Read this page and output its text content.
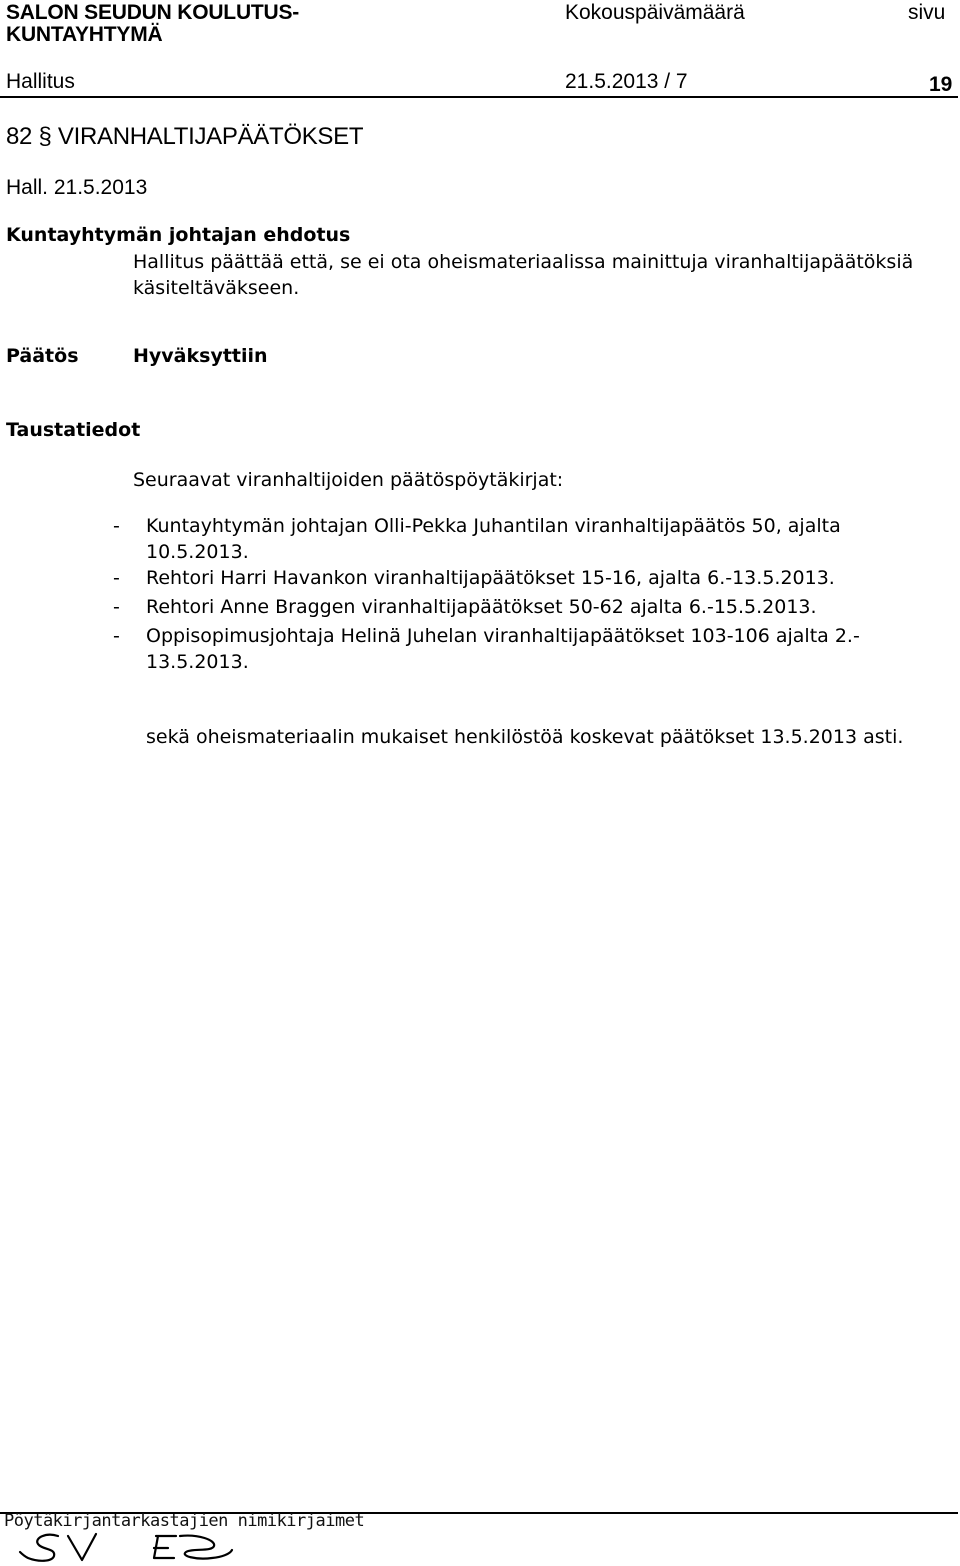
SALON SEUDUN KOULUTUS-
KUNTAYHTYMÄ
Kokouspäivämäärä	sivu
Hallitus	21.5.2013 / 7	19
82 § VIRANHALTIJAPÄÄTÖKSET
Hall. 21.5.2013
Kuntayhtymän johtajan ehdotus
Hallitus päättää että, se ei ota oheismateriaalissa mainittuja viranhaltijapäätöksiä
käsiteltäväkseen.
Päätös	Hyväksyttiin
Taustatiedot
Seuraavat viranhaltijoiden päätöspöytäkirjat:
- Kuntayhtymän johtajan Olli-Pekka Juhantilan viranhaltijapäätös 50, ajalta
10.5.2013.
- Rehtori Harri Havankon viranhaltijapäätökset 15-16, ajalta 6.-13.5.2013.
- Rehtori Anne Braggen viranhaltijapäätökset 50-62 ajalta 6.-15.5.2013.
- Oppisopimusjohtaja Helinä Juhelan viranhaltijapäätökset 103-106 ajalta 2.-
13.5.2013.
sekä oheismateriaalin mukaiset henkilöstöä koskevat päätökset 13.5.2013 asti.
Pöytäkirjantarkastajien nimikirjaimet
